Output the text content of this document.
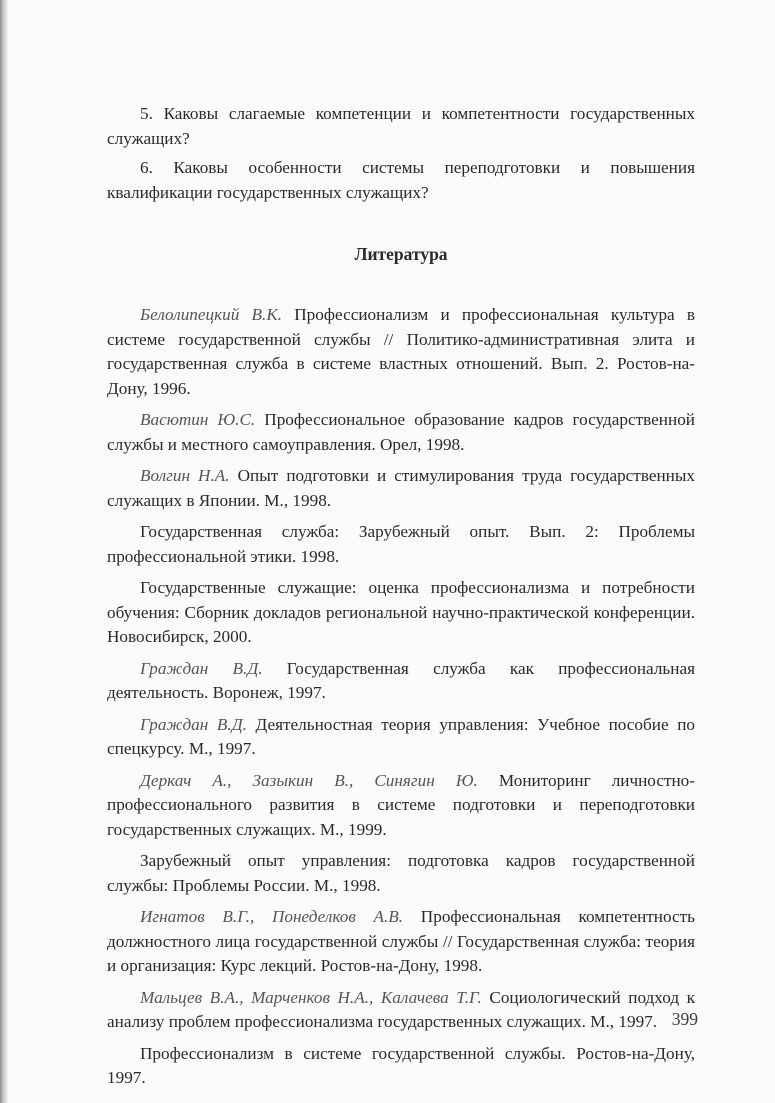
5. Каковы слагаемые компетенции и компетентности государственных служащих?

6. Каковы особенности системы переподготовки и повышения квалификации государственных служащих?

Литература

Белолипецкий В.К. Профессионализм и профессиональная культура в системе государственной службы // Политико-административная элита и государственная служба в системе властных отношений. Вып. 2. Ростов-на-Дону, 1996.

Васютин Ю.С. Профессиональное образование кадров государственной службы и местного самоуправления. Орел, 1998.

Волгин Н.А. Опыт подготовки и стимулирования труда государственных служащих в Японии. М., 1998.

Государственная служба: Зарубежный опыт. Вып. 2: Проблемы профессиональной этики. 1998.

Государственные служащие: оценка профессионализма и потребности обучения: Сборник докладов региональной научно-практической конференции. Новосибирск, 2000.

Граждан В.Д. Государственная служба как профессиональная деятельность. Воронеж, 1997.

Граждан В.Д. Деятельностная теория управления: Учебное пособие по спецкурсу. М., 1997.

Деркач А., Зазыкин В., Синягин Ю. Мониторинг личностно-профессионального развития в системе подготовки и переподготовки государственных служащих. М., 1999.

Зарубежный опыт управления: подготовка кадров государственной службы: Проблемы России. М., 1998.

Игнатов В.Г., Понеделков А.В. Профессиональная компетентность должностного лица государственной службы // Государственная служба: теория и организация: Курс лекций. Ростов-на-Дону, 1998.

Мальцев В.А., Марченков Н.А., Калачева Т.Г. Социологический подход к анализу проблем профессионализма государственных служащих. М., 1997.

Профессионализм в системе государственной службы. Ростов-на-Дону, 1997.

399
